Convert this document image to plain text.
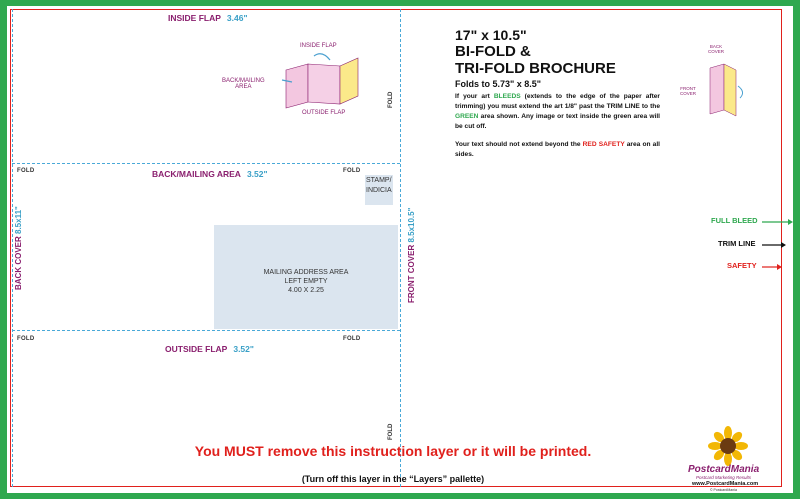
INSIDE FLAP 3.46"
BACK/MAILING AREA 3.52"
OUTSIDE FLAP 3.52"
BACK COVER 8.5x11"
FRONT COVER 8.5x10.5"
FOLD	FOLD
FOLD	FOLD
FOLD
FOLD
INSIDE FLAP
BACK/MAILING
AREA
OUTSIDE FLAP
MAILING ADDRESS AREA
LEFT EMPTY
4.00 X 2.25
STAMP/
INDICIA
17" x 10.5"
BI-FOLD &
TRI-FOLD BROCHURE
Folds to 5.73" x 8.5"
If your art BLEEDS (extends to the edge of the paper after trimming) you must extend the art 1/8" past the TRIM LINE to the GREEN area shown. Any image or text inside the green area will be cut off.
Your text should not extend beyond the RED SAFETY area on all sides.
BACK
COVER
FRONT
COVER
FULL BLEED
TRIM LINE
SAFETY
You MUST remove this instruction layer or it will be printed.
(Turn off this layer in the “Layers” pallette)
PostcardMania
Postcard Marketing Results
www.PostcardMania.com
© PostcardMania
